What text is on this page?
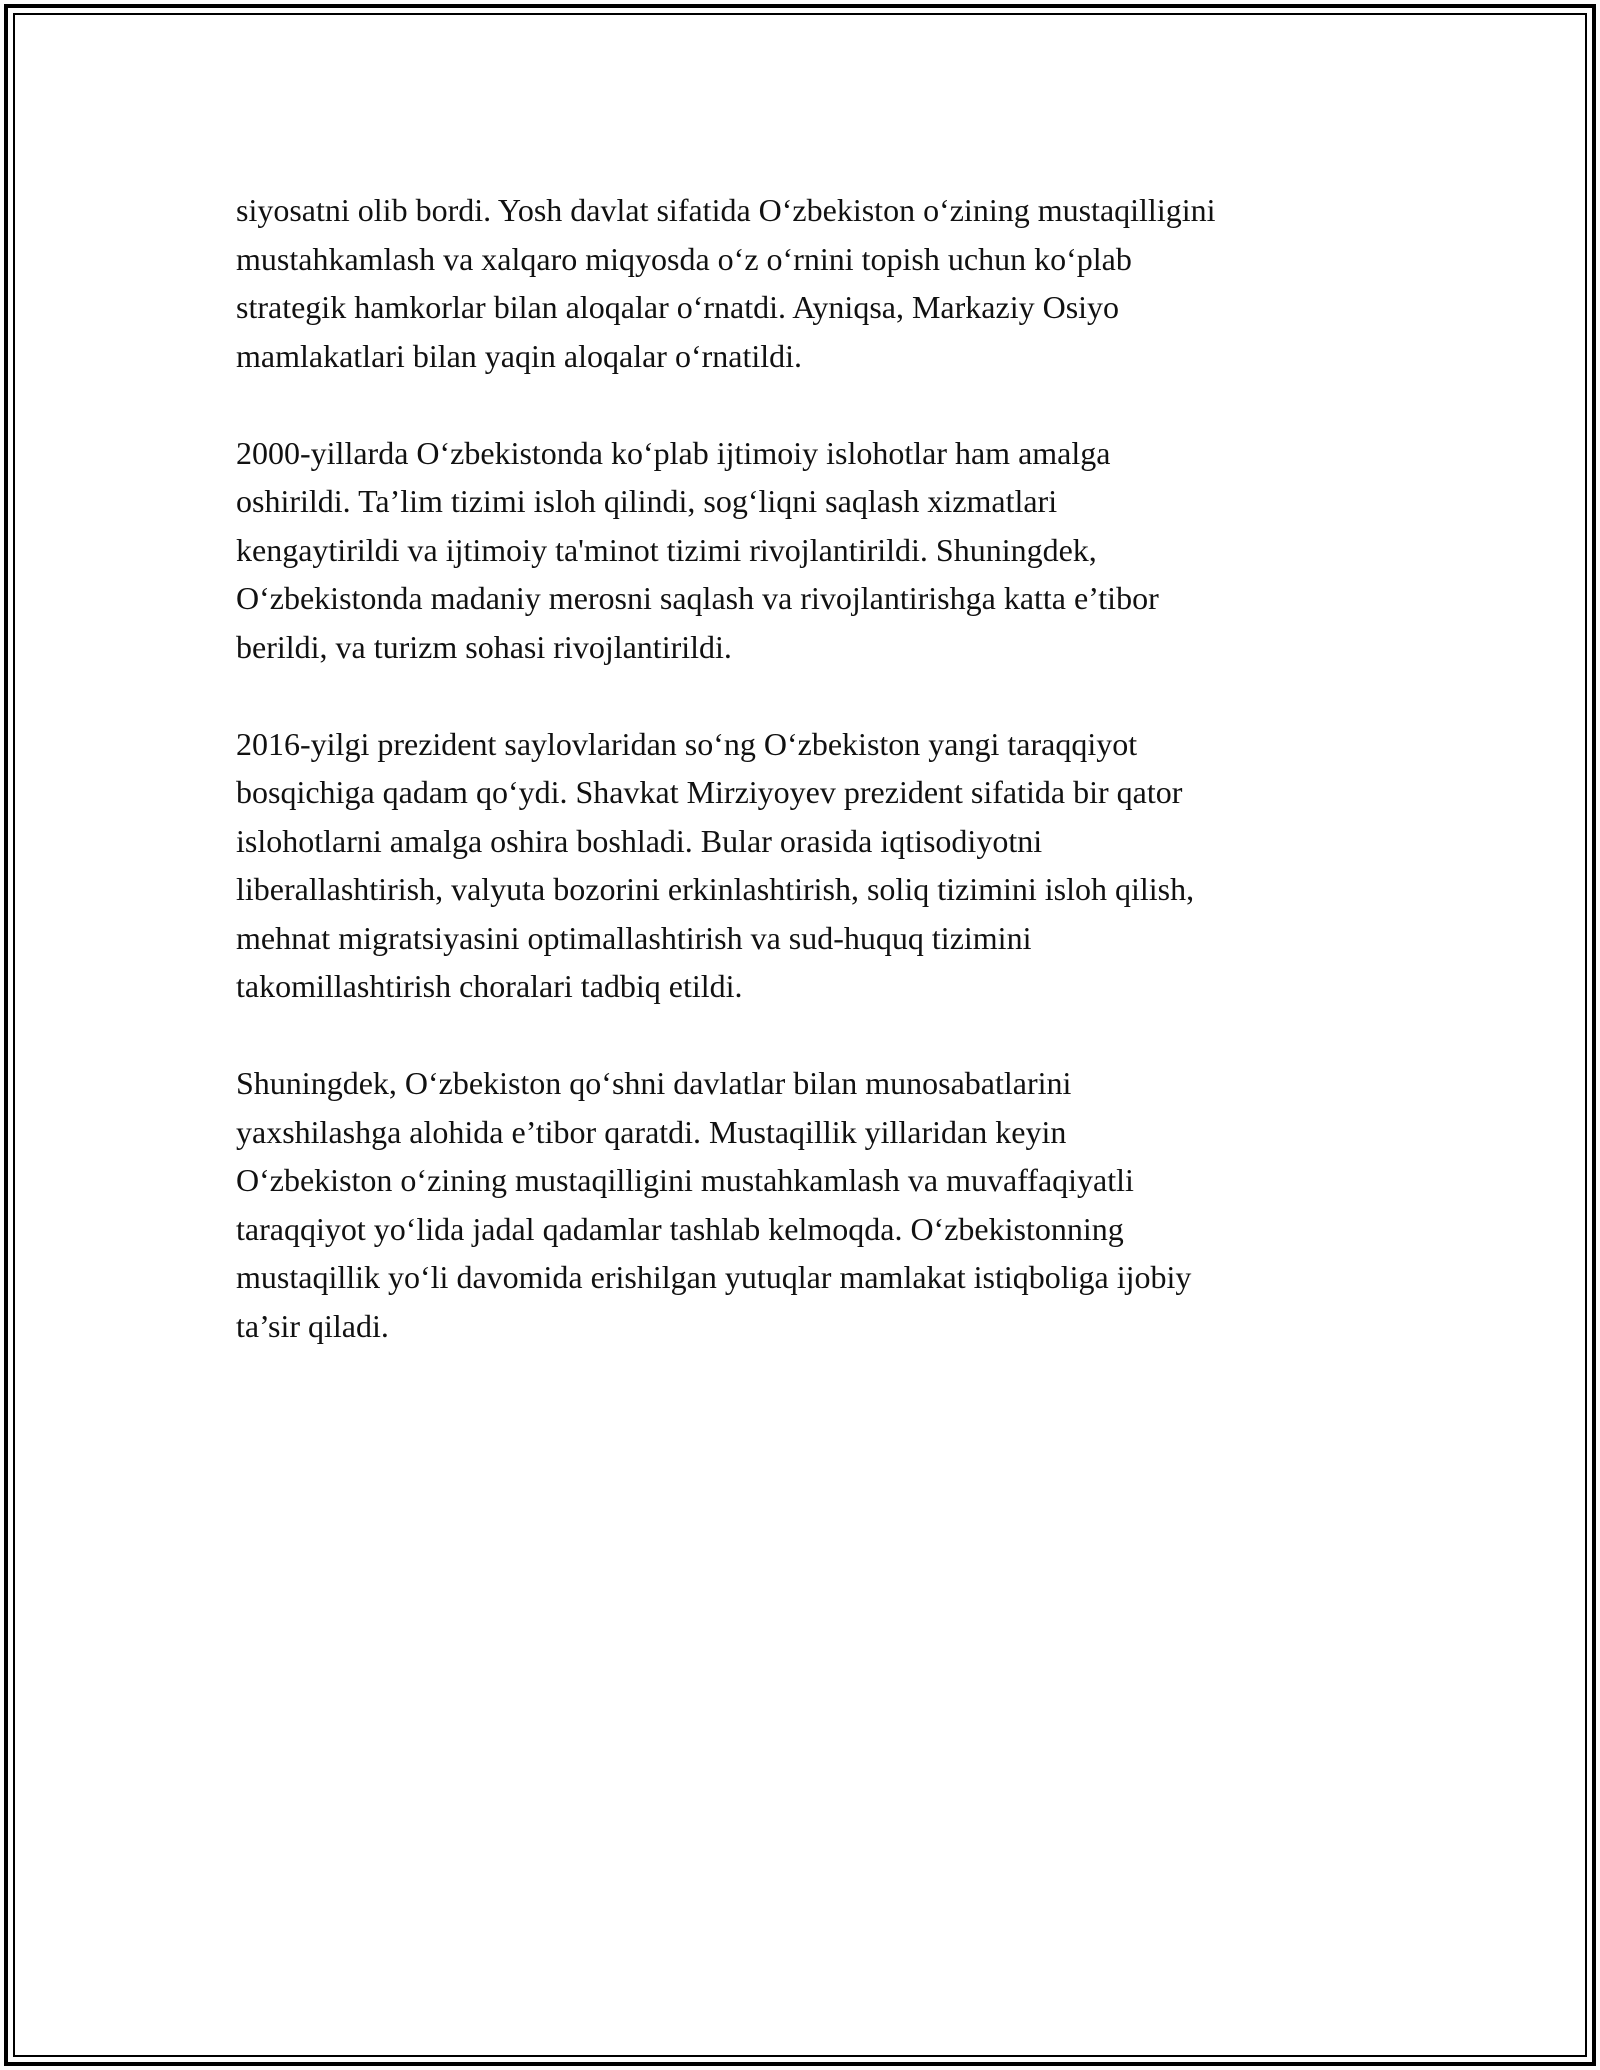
siyosatni olib bordi. Yosh davlat sifatida O‘zbekiston o‘zining mustaqilligini
mustahkamlash va xalqaro miqyosda o‘z o‘rnini topish uchun ko‘plab
strategik hamkorlar bilan aloqalar o‘rnatdi. Ayniqsa, Markaziy Osiyo
mamlakatlari bilan yaqin aloqalar o‘rnatildi.

2000-yillarda O‘zbekistonda ko‘plab ijtimoiy islohotlar ham amalga
oshirildi. Ta’lim tizimi isloh qilindi, sog‘liqni saqlash xizmatlari
kengaytirildi va ijtimoiy ta'minot tizimi rivojlantirildi. Shuningdek,
O‘zbekistonda madaniy merosni saqlash va rivojlantirishga katta e’tibor
berildi, va turizm sohasi rivojlantirildi.

2016-yilgi prezident saylovlaridan so‘ng O‘zbekiston yangi taraqqiyot
bosqichiga qadam qo‘ydi. Shavkat Mirziyoyev prezident sifatida bir qator
islohotlarni amalga oshira boshladi. Bular orasida iqtisodiyotni
liberallashtirish, valyuta bozorini erkinlashtirish, soliq tizimini isloh qilish,
mehnat migratsiyasini optimallashtirish va sud-huquq tizimini
takomillashtirish choralari tadbiq etildi.

Shuningdek, O‘zbekiston qo‘shni davlatlar bilan munosabatlarini
yaxshilashga alohida e’tibor qaratdi. Mustaqillik yillaridan keyin
O‘zbekiston o‘zining mustaqilligini mustahkamlash va muvaffaqiyatli
taraqqiyot yo‘lida jadal qadamlar tashlab kelmoqda. O‘zbekistonning
mustaqillik yo‘li davomida erishilgan yutuqlar mamlakat istiqboliga ijobiy
ta’sir qiladi.
